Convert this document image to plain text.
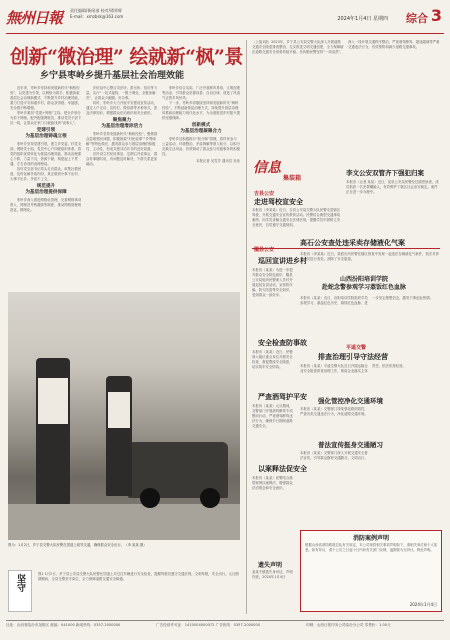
無州日報 责任编辑/新闻部 校对/谭荣辉
E-mail：xmzbsk@163.com	2024年1月4日 星期四 综合 3
创新“微治理” 绘就新“枫”景
乡宁县枣岭乡提升基层社会治理效能

近年来，枣岭乡坚持和发展新时代“枫桥经验”，以党建为引领，以网格为抓手，积极探索基层社会治理新模式，不断提升乡村治理效能，着力打造平安和谐乡村，群众获得感、幸福感、安全感不断增强。

枣岭乡紧扣“党建+网格”主线，把全乡划分为若干网格，配齐配强网格员，推动党员干部下沉一线，让群众在家门口就能找到“说事人”。

党建引领
为基层治理铸魂立根

枣岭乡坚持党建引领，建立乡党委、村党支部、网格党小组、党员中心户四级组织体系，将党的组织优势转化为基层治理效能，推动治理重心下移、力量下沉、资源下倾，构建起上下贯通、左右协同的治理格局。

各村党支部书记带头走访群众，收集社情民意，及时化解矛盾纠纷，真正做到小事不出村、大事不出乡、矛盾不上交。

规范提升
为基层治理提供保障

枣岭乡深入推进网格化管理，完善网格事项准入、网格员考核激励等制度，推动网格管理规范化、精细化。

乡综治中心整合司法所、派出所、信访等力量，实行“一站式接待、一揽子调处、全链条解决”，让群众少跑腿、好办事。

同时，枣岭乡大力开展平安建设宣传活动，通过入户走访、宣传栏、微信群等多种形式，普及法律知识，增强群众法治意识和安全意识。

聚焦聚力
为基层治理增添活力

枣岭乡坚持发展新时代“枫桥经验”，聚焦群众急难愁盼问题，积极探索“村民说事”“乡贤调解”等特色做法，激发群众参与基层治理的积极性、主动性，形成共建共治共享的良好局面。

各村设立村民说事室，定期召开说事会，群众有事随时说、有问题及时解决，干群关系更加融洽。

枣岭乡结合实际，广泛开展移风易俗、文明创建等活动，引导群众崇德向善、自治自律，营造了风清气正的乡风民风。

下一步，枣岭乡将继续坚持和发展新时代“枫桥经验”，不断创新基层治理方式，持续提升基层治理体系和治理能力现代化水平，为全面推进乡村振兴提供坚强保障。

创新模式
为基层治理凝聚合力

枣岭乡还积极推行“积分制”管理，将村民参与公益活动、环境整治、矛盾调解等纳入积分，以积分兑换生活用品，有效调动了群众参与村级事务的积极性。

本报记者 吴雪芳 通讯员 吴伟

图为：1月2日，乡宁县交警大队民警在国道上疏导交通，确保群众安全出行。（李 某某 摄）
坚守	图1 1月2日，乡宁县公安局交警大队民警在国道上对过往车辆进行安全检查，提醒驾驶员遵守交通法规，文明驾驶，安全出行。元旦假期期间，全县交警坚守岗位，全力保障道路交通安全畅通。
（上接1版）2023年，乡宁县公安局交警大队深入开展道路交通安全隐患排查整治，扎实推进文明交通创建，全力保障辖区道路交通安全形势持续平稳。各执勤民警坚持“一岗双责”，深入一线开展交通秩序整治，严查酒驾醉驾、超速超载等严重交通违法行为，有效预防和减少道路交通事故。
信息
集装箱
吉县公安
走进驾校宣安全
本报讯（李某某）近日，吉县公安局交警大队民警走进辖区驾校，开展交通安全宣传教育活动。民警结合典型交通事故案例，向学员讲解交通安全法律法规，提醒学员牢固树立安全意识，自觉遵守交通规则。
李文公安双管齐下强犯归案
本报讯（记者 某某）近日，某县公安局民警经过缜密侦查，成功抓获一名犯罪嫌疑人，有效维护了辖区社会治安稳定。案件正在进一步办理中。
高石公安查处违采卖存储液化气案
本报讯（李某某）近日，某派出所民警在辖区排查中发现一起违法存储液化气案件，依法对涉案人员进行查处，消除了安全隐患。
隰县公安
巡回宣讲进乡村
本报讯（某某）为进一步提升群众安全防范意识，隰县公安局组织民警深入乡村开展巡回宣讲活动，宣传防诈骗、防火防盗等安全知识，受到群众一致好评。
山西汾阳培训学院
赴蛇念警参观学习蒸饭红色血脉
本报讯（某某）近日，汾阳培训学院组织学员参观学习，重温红色历史，赓续红色血脉，进一步坚定理想信念，激发干事创业热情。
安全检查防事故
本报讯（某某）近日，民警深入辖区重点单位开展安全检查，督促整改安全隐患，切实筑牢安全防线。
平遥交警
排查治理引导守法经营
本报讯（某某）平遥交警大队近日开展运输企业安全隐患排查治理工作，督促企业落实主体责任，依法依规经营。
强化管控净化交通环境
本报讯（某某）交警部门持续强化路面管控，严查各类交通违法行为，净化道路交通环境。
严查酒驾护平安
本报讯（某某）元旦期间，交警部门开展酒驾醉驾专项整治行动，严查酒驾醉驾违法行为，确保节日期间道路交通安全。
普法宣传挺身交通陋习
本报讯（某某）交警部门深入开展交通安全普法宣传，引导群众摒弃交通陋习，文明出行。
以案释法促安全
本报讯（某某）民警结合典型案例以案释法，增强群众法治观念和安全意识。
遗失声明
某某不慎遗失身份证，声明作废。2024年1月4日
消防案例声明
根据山西省消防救援总队有关规定，本公司现将相关事项声明如下，请相关单位和个人知悉。如有异议，请于公告之日起十日内向有关部门反映，逾期视为无异议。特此声明。
2024年1月4日
社址：山西省临汾市尧都区 邮编：041000 新闻热线：0357-2000000	广告经营许可证：1410004000072 广告热线：0357-2000000	印刷：山西日报印务公司临汾分公司 零售价：1.00元
